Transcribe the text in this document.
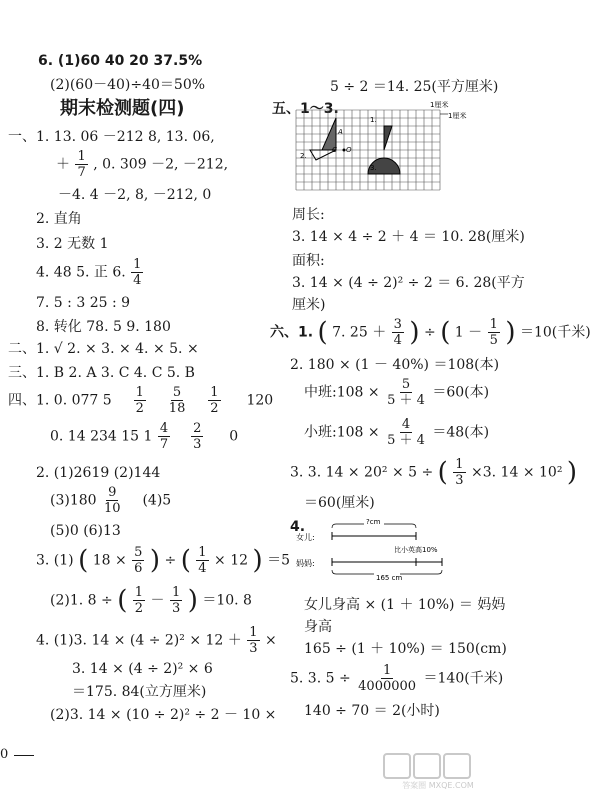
6. (1)60 40 20 37.5%
(2)(60－40)÷40＝50%
期末检测题(四)
一、1. 13. 06 －212 8, 13. 06,
＋ $\frac{1}{7}$ , 0. 309 －2, －212,
－4. 4 －2, 8, －212, 0
2. 直角
3. 2 无数 1
4. 48 5. 正 6. $\frac{1}{4}$
7. 5 : 3 25 : 9
8. 转化 78. 5 9. 180
二、1. √ 2. × 3. × 4. × 5. ×
三、1. B 2. A 3. C 4. C 5. B
四、1. 0. 077 $5 \frac{1}{2}$
$\frac{5}{18}$
$\frac{1}{2} 120$
0. 14 234 15 $1 \frac{4}{7}$
$\frac{2}{3} 0$
2. (1)2619 (2)144
$(3)180 \frac{9}{10} (4)5$
(5)0 (6)13
3. (1) ( $18 \times \frac{5}{6}$ ) ÷ ( $\frac{1}{4} \times 12$ ) ＝5
(2)1. 8 ÷ ( $\frac{1}{2} - \frac{1}{3}$ ) ＝10. 8
4. (1)3. $14 \times (4 \div 2)^2 \times 12 + \frac{1}{3}$ ×
3. 14 × (4 ÷ 2)² × 6
＝175. 84(立方厘米)
(2)3. 14 × (10 ÷ 2)² ÷ 2 － 10 ×
0
5 ÷ 2 ＝14. 25(平方厘米)
五、1～3.
1.
2.
3.
A
C O
1厘米
1厘米
周长:
3. 14 × 4 ÷ 2 ＋ 4 ＝ 10. 28(厘米)
面积:
3. 14 × (4 ÷ 2)² ÷ 2 ＝ 6. 28(平方
厘米)
六、1. ( 7. $25 + \frac{3}{4}$ ) ÷ ( $1 - \frac{1}{5}$ ) ＝10(千米)
2. 180 × (1 － 40%) ＝108(本)
中班:108 × $\frac{5}{5 + 4} =60$(本)
小班:108 × $\frac{4}{5 + 4} =48$(本)
3. 3. 14 × 20² × 5 ÷ ( $\frac{1}{3} \times 3$. 14 × 10² )
＝60(厘米)
4.	?cm
女儿:
比小英高10%
妈妈:
165 cm
女儿身高 × (1 ＋ 10%) ＝ 妈妈
身高
165 ÷ (1 ＋ 10%) ＝ 150(cm)
5. 3. $5 \div \frac{1}{4000000} =140$(千米)
140 ÷ 70 ＝ 2(小时)
答案圈 MXQE.COM
